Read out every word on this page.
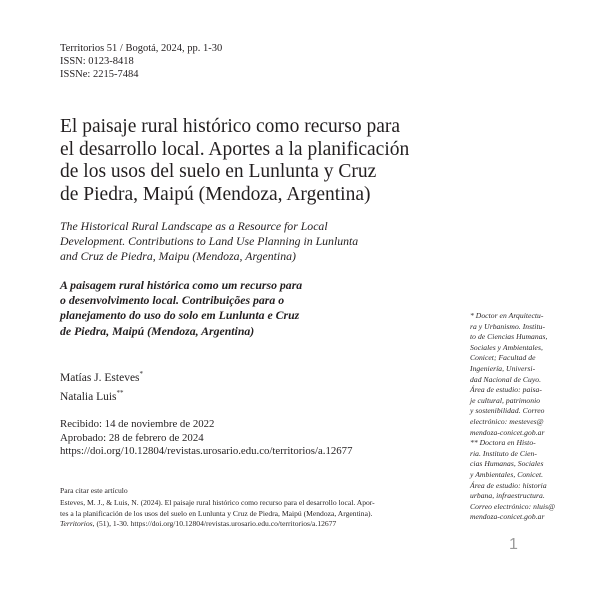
Territorios 51 / Bogotá, 2024, pp. 1-30
ISSN: 0123-8418
ISSNe: 2215-7484
El paisaje rural histórico como recurso para
el desarrollo local. Aportes a la planificación
de los usos del suelo en Lunlunta y Cruz
de Piedra, Maipú (Mendoza, Argentina)
The Historical Rural Landscape as a Resource for Local
Development. Contributions to Land Use Planning in Lunlunta
and Cruz de Piedra, Maipu (Mendoza, Argentina)
A paisagem rural histórica como um recurso para
o desenvolvimento local. Contribuições para o
planejamento do uso do solo em Lunlunta e Cruz
de Piedra, Maipú (Mendoza, Argentina)
Matías J. Esteves*
Natalia Luis**
Recibido: 14 de noviembre de 2022
Aprobado: 28 de febrero de 2024
https://doi.org/10.12804/revistas.urosario.edu.co/territorios/a.12677
Para citar este artículo
Esteves, M. J., & Luis, N. (2024). El paisaje rural histórico como recurso para el desarrollo local. Apor-
tes a la planificación de los usos del suelo en Lunlunta y Cruz de Piedra, Maipú (Mendoza, Argentina).
Territorios, (51), 1-30. https://doi.org/10.12804/revistas.urosario.edu.co/territorios/a.12677
* Doctor en Arquitectu-
ra y Urbanismo. Institu-
to de Ciencias Humanas,
Sociales y Ambientales,
Conicet; Facultad de
Ingeniería, Universi-
dad Nacional de Cuyo.
Área de estudio: paisa-
je cultural, patrimonio
y sostenibilidad. Correo
electrónico: mesteves@
mendoza-conicet.gob.ar
** Doctora en Histo-
ria. Instituto de Cien-
cias Humanas, Sociales
y Ambientales, Conicet.
Área de estudio: historia
urbana, infraestructura.
Correo electrónico: nluis@
mendoza-conicet.gob.ar
1
